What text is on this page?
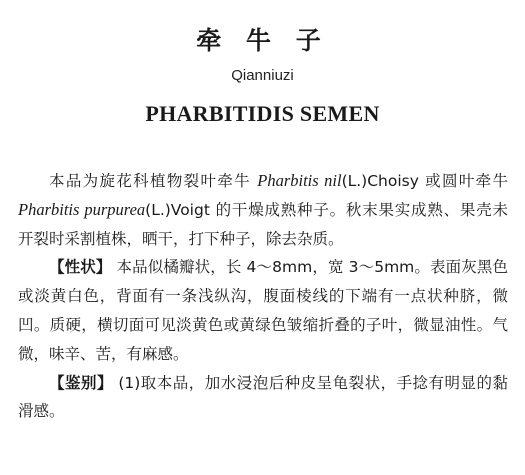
牵 牛 子
Qianniuzi
PHARBITIDIS SEMEN

本品为旋花科植物裂叶牵牛 Pharbitis nil(L.)Choisy 或圆叶牵牛 Pharbitis purpurea(L.)Voigt 的干燥成熟种子。秋末果实成熟、果壳未开裂时采割植株，晒干，打下种子，除去杂质。

【性状】 本品似橘瓣状，长 4～8mm，宽 3～5mm。表面灰黑色或淡黄白色，背面有一条浅纵沟，腹面棱线的下端有一点状种脐，微凹。质硬，横切面可见淡黄色或黄绿色皱缩折叠的子叶，微显油性。气微，味辛、苦，有麻感。

【鉴别】 (1)取本品，加水浸泡后种皮呈龟裂状，手捻有明显的黏滑感。
